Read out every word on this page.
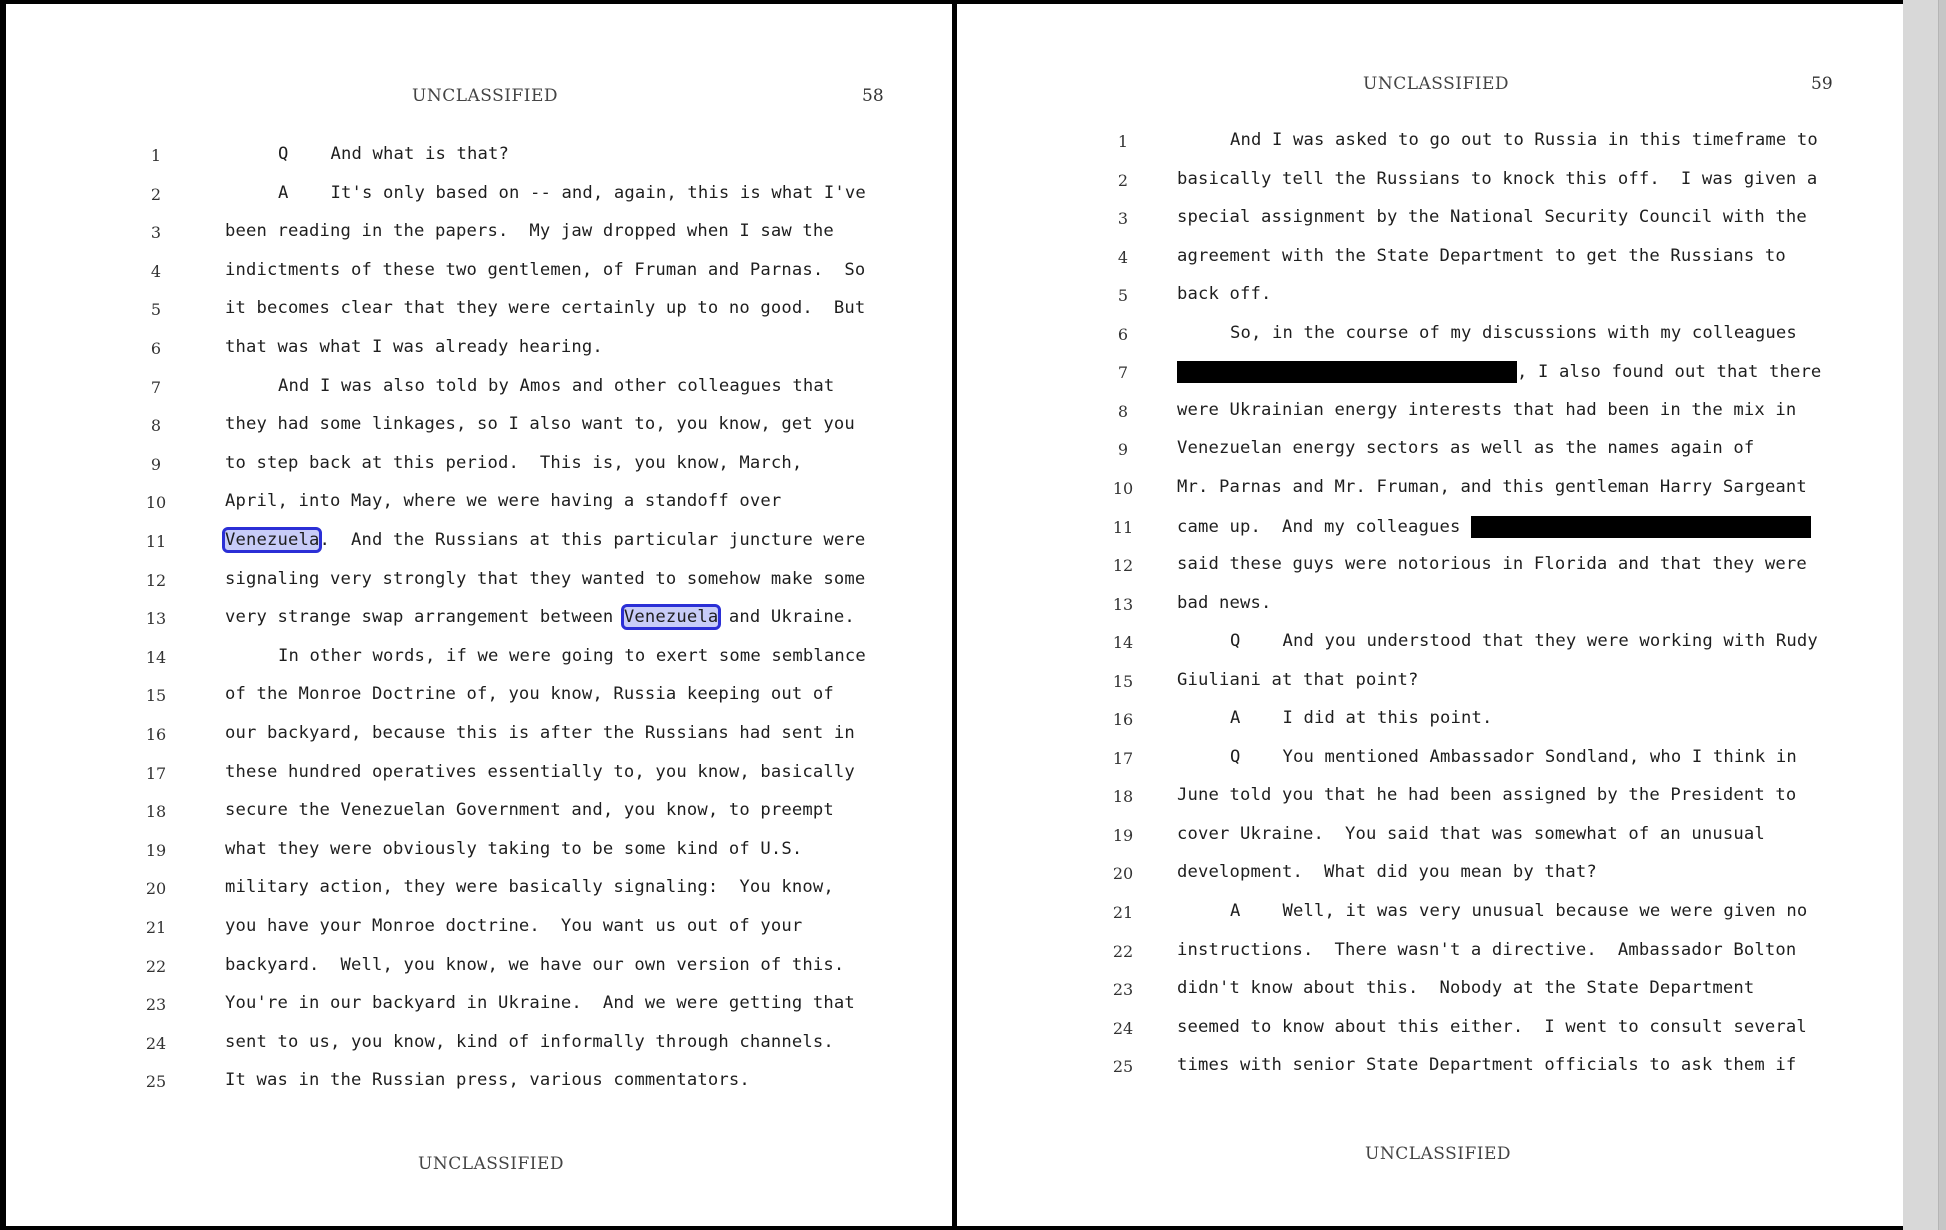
UNCLASSIFIED	58
1	Q    And what is that?
2	A    It's only based on -- and, again, this is what I've
3	been reading in the papers.  My jaw dropped when I saw the
4	indictments of these two gentlemen, of Fruman and Parnas.  So
5	it becomes clear that they were certainly up to no good.  But
6	that was what I was already hearing.
7	And I was also told by Amos and other colleagues that
8	they had some linkages, so I also want to, you know, get you
9	to step back at this period.  This is, you know, March,
10	April, into May, where we were having a standoff over
11	Venezuela.  And the Russians at this particular juncture were
12	signaling very strongly that they wanted to somehow make some
13	very strange swap arrangement between Venezuela and Ukraine.
14	In other words, if we were going to exert some semblance
15	of the Monroe Doctrine of, you know, Russia keeping out of
16	our backyard, because this is after the Russians had sent in
17	these hundred operatives essentially to, you know, basically
18	secure the Venezuelan Government and, you know, to preempt
19	what they were obviously taking to be some kind of U.S.
20	military action, they were basically signaling:  You know,
21	you have your Monroe doctrine.  You want us out of your
22	backyard.  Well, you know, we have our own version of this.
23	You're in our backyard in Ukraine.  And we were getting that
24	sent to us, you know, kind of informally through channels.
25	It was in the Russian press, various commentators.
UNCLASSIFIED
UNCLASSIFIED	59
1	And I was asked to go out to Russia in this timeframe to
2	basically tell the Russians to knock this off.  I was given a
3	special assignment by the National Security Council with the
4	agreement with the State Department to get the Russians to
5	back off.
6	So, in the course of my discussions with my colleagues
7	, I also found out that there
8	were Ukrainian energy interests that had been in the mix in
9	Venezuelan energy sectors as well as the names again of
10	Mr. Parnas and Mr. Fruman, and this gentleman Harry Sargeant
11	came up.  And my colleagues
12	said these guys were notorious in Florida and that they were
13	bad news.
14	Q    And you understood that they were working with Rudy
15	Giuliani at that point?
16	A    I did at this point.
17	Q    You mentioned Ambassador Sondland, who I think in
18	June told you that he had been assigned by the President to
19	cover Ukraine.  You said that was somewhat of an unusual
20	development.  What did you mean by that?
21	A    Well, it was very unusual because we were given no
22	instructions.  There wasn't a directive.  Ambassador Bolton
23	didn't know about this.  Nobody at the State Department
24	seemed to know about this either.  I went to consult several
25	times with senior State Department officials to ask them if
UNCLASSIFIED
